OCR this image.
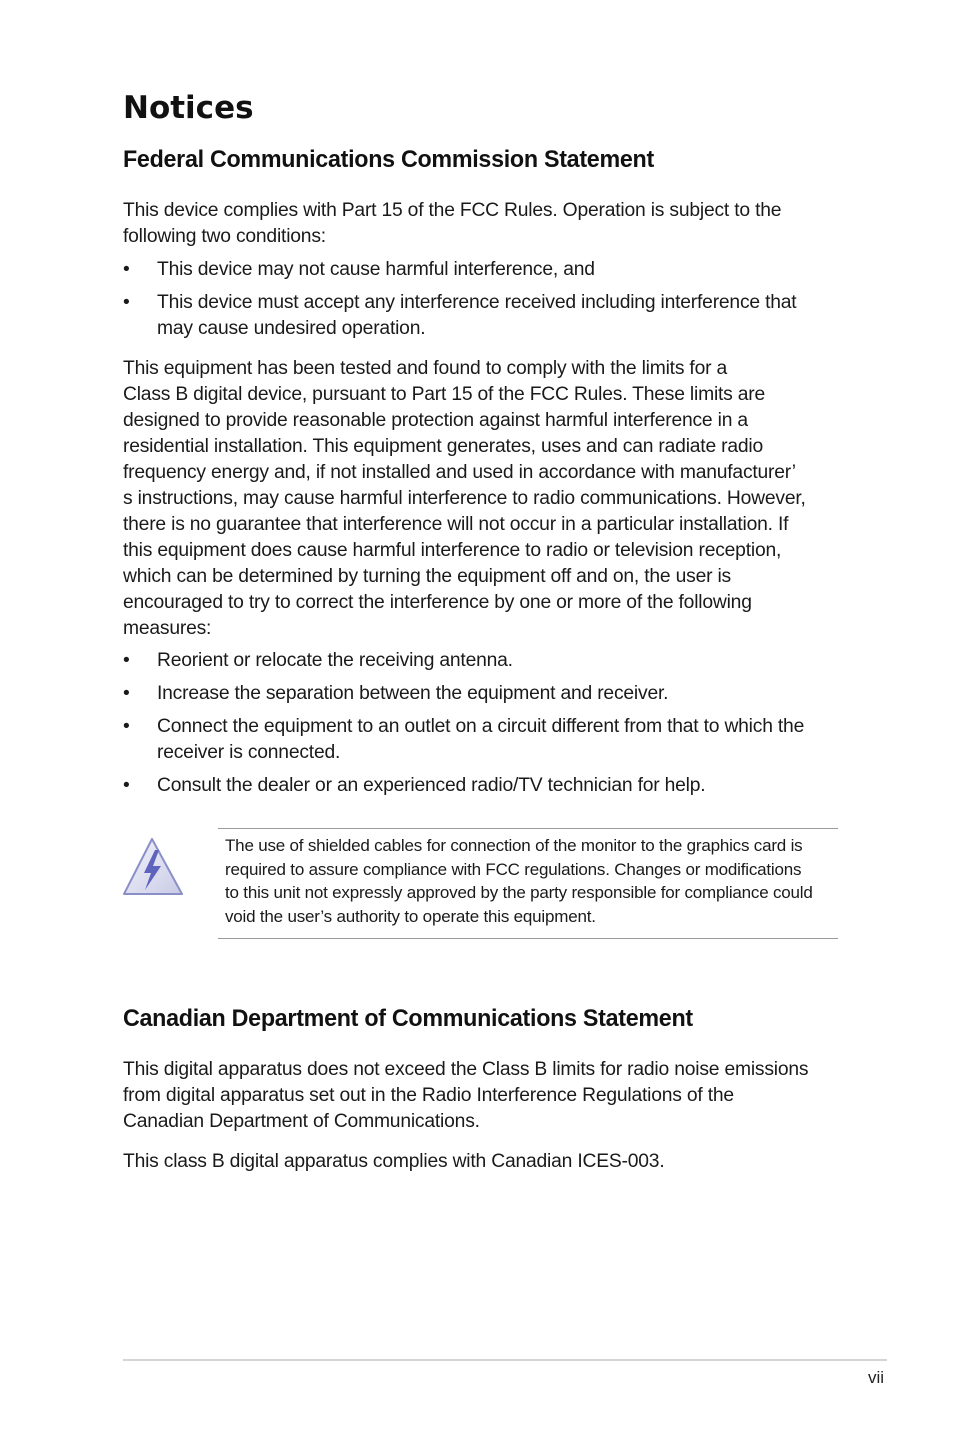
Notices
Federal Communications Commission Statement

This device complies with Part 15 of the FCC Rules. Operation is subject to the
following two conditions:

•	This device may not cause harmful interference, and
•	This device must accept any interference received including interference that
may cause undesired operation.

This equipment has been tested and found to comply with the limits for a
Class B digital device, pursuant to Part 15 of the FCC Rules. These limits are
designed to provide reasonable protection against harmful interference in a
residential installation. This equipment generates, uses and can radiate radio
frequency energy and, if not installed and used in accordance with manufacturer’
s instructions, may cause harmful interference to radio communications. However,
there is no guarantee that interference will not occur in a particular installation. If
this equipment does cause harmful interference to radio or television reception,
which can be determined by turning the equipment off and on, the user is
encouraged to try to correct the interference by one or more of the following
measures:

•	Reorient or relocate the receiving antenna.
•	Increase the separation between the equipment and receiver.
•	Connect the equipment to an outlet on a circuit different from that to which the
receiver is connected.
•	Consult the dealer or an experienced radio/TV technician for help.
The use of shielded cables for connection of the monitor to the graphics card is
required to assure compliance with FCC regulations. Changes or modifications
to this unit not expressly approved by the party responsible for compliance could
void the user’s authority to operate this equipment.
Canadian Department of Communications Statement

This digital apparatus does not exceed the Class B limits for radio noise emissions
from digital apparatus set out in the Radio Interference Regulations of the
Canadian Department of Communications.

This class B digital apparatus complies with Canadian ICES-003.

vii
